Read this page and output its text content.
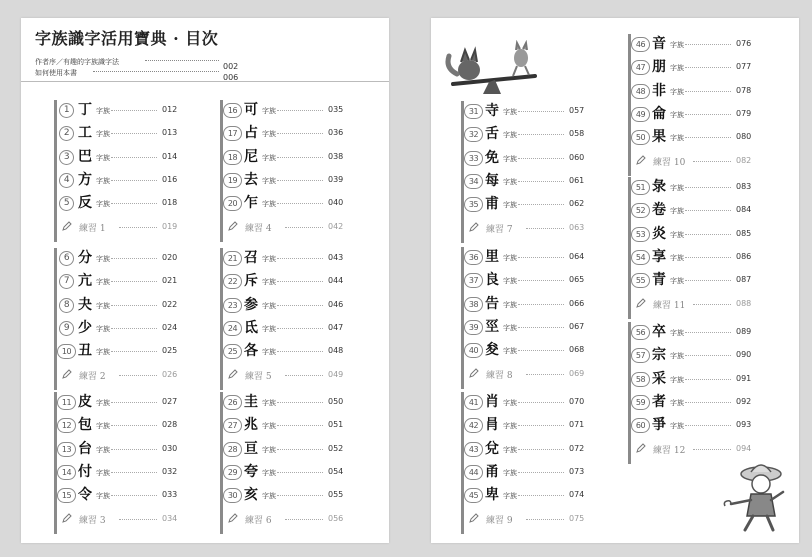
字族識字活用寶典 · 目次
作者序／有趣的字族識字法	002
如何使用本書	006
1 丁 字族	012
2 工 字族	013
3 巴 字族	014
4 方 字族	016
5 反 字族	018
練習 1	019
6 分 字族	020
7 亢 字族	021
8 夬 字族	022
9 少 字族	024
10 丑 字族	025
練習 2	026
11 皮 字族	027
12 包 字族	028
13 台 字族	030
14 付 字族	032
15 令 字族	033
練習 3	034
16 可 字族	035
17 占 字族	036
18 尼 字族	038
19 去 字族	039
20 乍 字族	040
練習 4	042
21 召 字族	043
22 斥 字族	044
23 参 字族	046
24 氐 字族	047
25 各 字族	048
練習 5	049
26 圭 字族	050
27 兆 字族	051
28 亘 字族	052
29 夸 字族	054
30 亥 字族	055
練習 6	056
31 寺 字族	057
32 舌 字族	058
33 免 字族	060
34 每 字族	061
35 甫 字族	062
練習 7	063
36 里 字族	064
37 良 字族	065
38 告 字族	066
39 巠 字族	067
40 夋 字族	068
練習 8	069
41 肖 字族	070
42 肙 字族	071
43 兌 字族	072
44 甬 字族	073
45 卑 字族	074
練習 9	075
46 音 字族	076
47 朋 字族	077
48 非 字族	078
49 侖 字族	079
50 果 字族	080
練習 10	082
51 彔 字族	083
52 卷 字族	084
53 炎 字族	085
54 享 字族	086
55 青 字族	087
練習 11	088
56 卒 字族	089
57 宗 字族	090
58 采 字族	091
59 者 字族	092
60 爭 字族	093
練習 12	094
